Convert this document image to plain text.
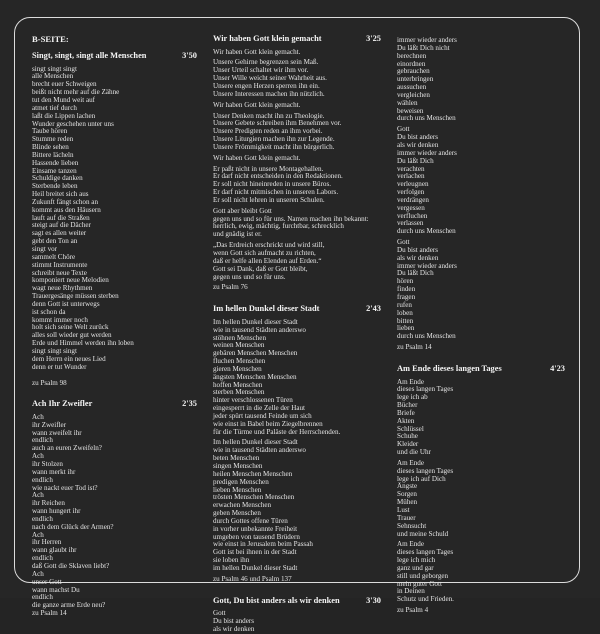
B-SEITE:
Singt, singt, singt alle Menschen	3'50
singt singt singt
alle Menschen
brecht euer Schweigen
beißt nicht mehr auf die Zähne
tut den Mund weit auf
atmet tief durch
laßt die Lippen lachen
Wunder geschehen unter uns
Taube hören
Stumme reden
Blinde sehen
Bittere lächeln
Hassende lieben
Einsame tanzen
Schuldige danken
Sterbende leben
Heil breitet sich aus
Zukunft fängt schon an
kommt aus den Häusern
lauft auf die Straßen
steigt auf die Dächer
sagt es allen weiter
gebt den Ton an
singt vor
sammelt Chöre
stimmt Instrumente
schreibt neue Texte
komponiert neue Melodien
wagt neue Rhythmen
Trauergesänge müssen sterben
denn Gott ist unterwegs
ist schon da
kommt immer noch
holt sich seine Welt zurück
alles soll wieder gut werden
Erde und Himmel werden ihn loben
singt singt singt
dem Herrn ein neues Lied
denn er tut Wunder
zu Psalm 98
Ach Ihr Zweifler	2'35
Ach
ihr Zweifler
wann zweifelt ihr
endlich
auch an euren Zweifeln?
Ach
ihr Stolzen
wann merkt ihr
endlich
wie nackt euer Tod ist?
Ach
ihr Reichen
wann hungert ihr
endlich
nach dem Glück der Armen?
Ach
ihr Herren
wann glaubt ihr
endlich
daß Gott die Sklaven liebt?
Ach
unser Gott
wann machst Du
endlich
die ganze arme Erde neu?
zu Psalm 14
Wir haben Gott klein gemacht	3'25
Wir haben Gott klein gemacht.
Unsere Gehirne begrenzen sein Maß.
Unser Urteil schaltet wir ihm vor.
Unser Wille weicht seiner Wahrheit aus.
Unsere engen Herzen sperren ihn ein.
Unsere Interessen machen ihn nützlich.
Wir haben Gott klein gemacht.
Unser Denken macht ihn zu Theologie.
Unsere Gebete schreiben ihm Benehmen vor.
Unsere Predigten reden an ihm vorbei.
Unsere Liturgien machen ihn zur Legende.
Unsere Frömmigkeit macht ihn bürgerlich.
Wir haben Gott klein gemacht.
Er paßt nicht in unsere Montagehallen.
Er darf nicht entscheiden in den Redaktionen.
Er soll nicht hineinreden in unsere Büros.
Er darf nicht mitmischen in unseren Labors.
Er soll nicht lehren in unseren Schulen.
Gott aber bleibt Gott
gegen uns und so für uns. Namen machen ihn bekannt:
herrlich, ewig, mächtig, furchtbar, schrecklich
und gnädig ist er.
„Das Erdreich erschrickt und wird still,
wenn Gott sich aufmacht zu richten,
daß er helfe allen Elenden auf Erden.“
Gott sei Dank, daß er Gott bleibt,
gegen uns und so für uns.
zu Psalm 76
Im hellen Dunkel dieser Stadt	2'43
Im hellen Dunkel dieser Stadt
wie in tausend Städten anderswo
stöhnen Menschen
weinen Menschen
gebären Menschen Menschen
fluchen Menschen
gieren Menschen
ängsten Menschen Menschen
hoffen Menschen
sterben Menschen
hinter verschlossenen Türen
eingesperrt in die Zelle der Haut
jeder spürt tausend Feinde um sich
wie einst in Babel beim Ziegelbrennen
für die Türme und Paläste der Herrschenden.
Im hellen Dunkel dieser Stadt
wie in tausend Städten anderswo
beten Menschen
singen Menschen
heilen Menschen Menschen
predigen Menschen
lieben Menschen
trösten Menschen Menschen
erwachen Menschen
geben Menschen
durch Gottes offene Türen
in vorher unbekannte Freiheit
umgeben von tausend Brüdern
wie einst in Jerusalem beim Passah
Gott ist bei ihnen in der Stadt
sie loben ihn
im hellen Dunkel dieser Stadt
zu Psalm 46 und Psalm 137
Gott, Du bist anders als wir denken	3'30
Gott
Du bist anders
als wir denken
immer wieder anders
Du läßt Dich nicht
berechnen
einordnen
gebrauchen
unterbringen
aussuchen
vergleichen
wählen
beweisen
durch uns Menschen
Gott
Du bist anders
als wir denken
immer wieder anders
Du läßt Dich
verachten
verlachen
verleugnen
verfolgen
verdrängen
vergessen
verfluchen
verlassen
durch uns Menschen
Gott
Du bist anders
als wir denken
immer wieder anders
Du läßt Dich
hören
finden
fragen
rufen
loben
bitten
lieben
durch uns Menschen
zu Psalm 14
Am Ende dieses langen Tages	4'23
Am Ende
dieses langen Tages
lege ich ab
Bücher
Briefe
Akten
Schlüssel
Schuhe
Kleider
und die Uhr
Am Ende
dieses langen Tages
lege ich auf Dich
Ängste
Sorgen
Mühen
Lust
Trauer
Sehnsucht
und meine Schuld
Am Ende
dieses langen Tages
lege ich mich
ganz und gar
still und geborgen
mein guter Gott
in Deinen
Schutz und Frieden.
zu Psalm 4
